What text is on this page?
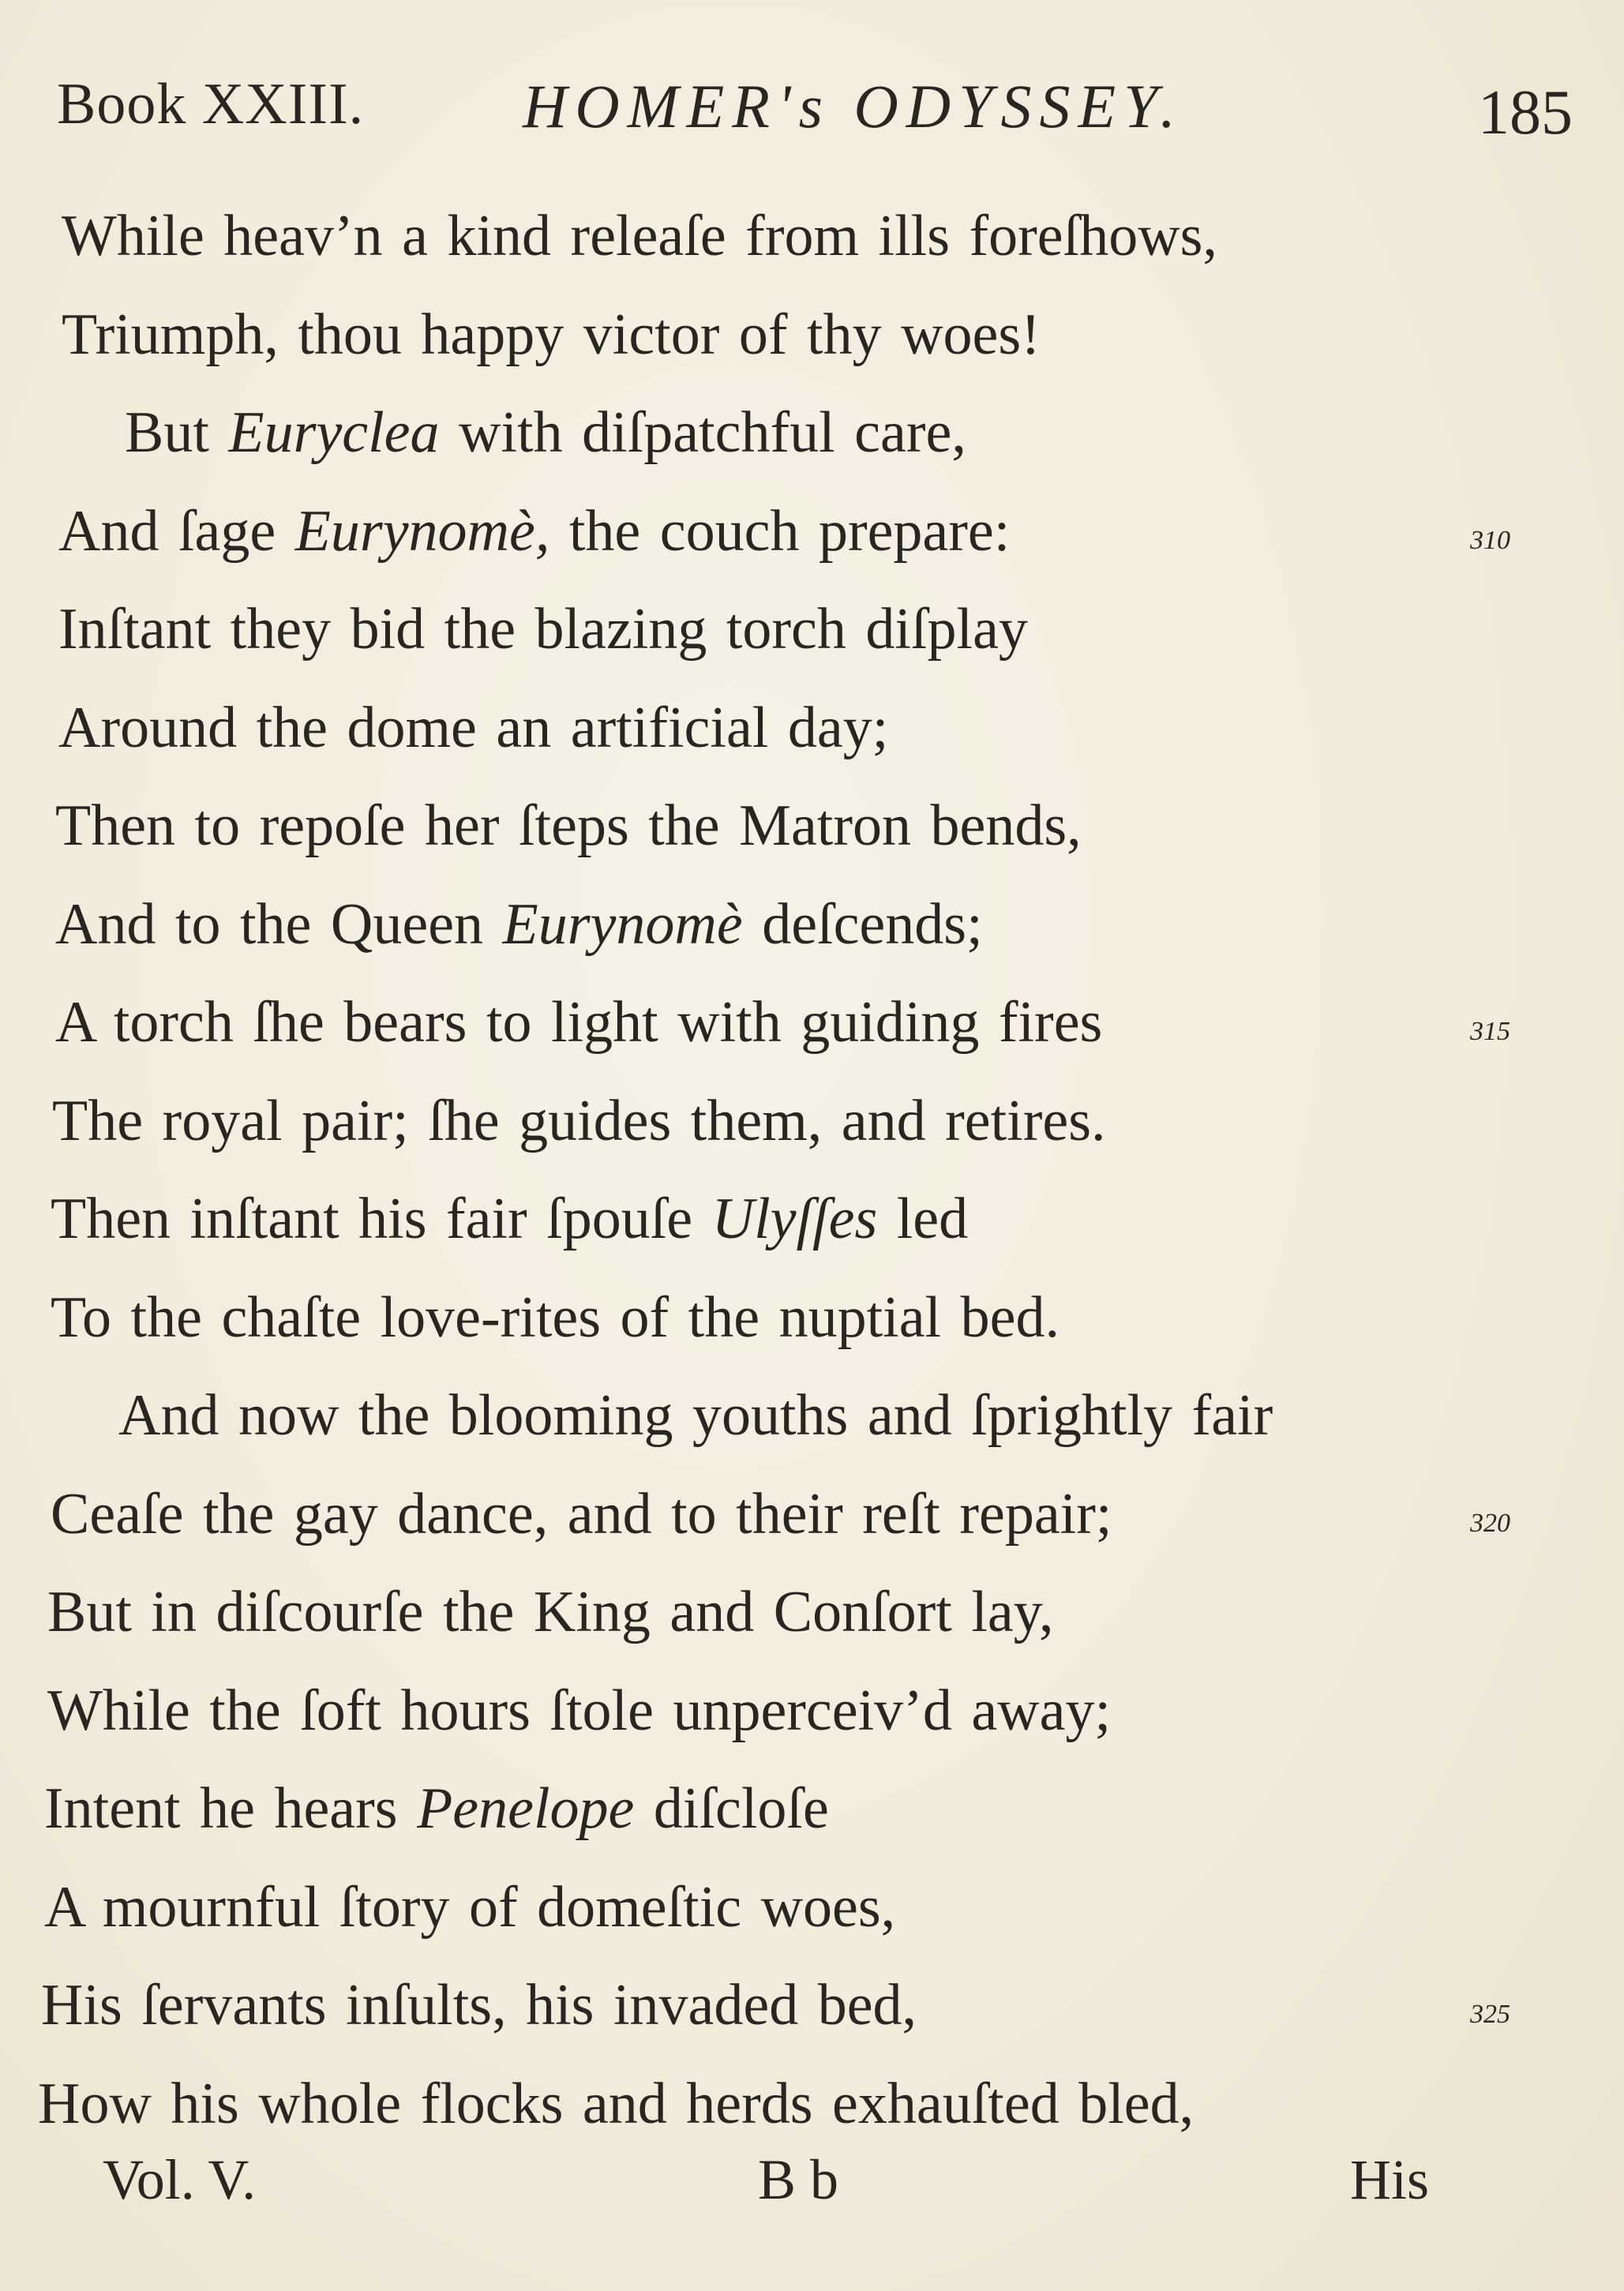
Book XXIII.	HOMER's ODYSSEY.	185
While heav’n a kind releaſe from ills foreſhows,
Triumph, thou happy victor of thy woes!
But Euryclea with diſpatchful care,
And ſage Eurynomè, the couch prepare:	310
Inſtant they bid the blazing torch diſplay
Around the dome an artificial day;
Then to repoſe her ſteps the Matron bends,
And to the Queen Eurynomè deſcends;
A torch ſhe bears to light with guiding fires	315
The royal pair; ſhe guides them, and retires.
Then inſtant his fair ſpouſe Ulyſſes led
To the chaſte love-rites of the nuptial bed.
And now the blooming youths and ſprightly fair
Ceaſe the gay dance, and to their reſt repair;	320
But in diſcourſe the King and Conſort lay,
While the ſoft hours ſtole unperceiv’d away;
Intent he hears Penelope diſcloſe
A mournful ſtory of domeſtic woes,
His ſervants inſults, his invaded bed,	325
How his whole flocks and herds exhauſted bled,
Vol. V.	B b	His
